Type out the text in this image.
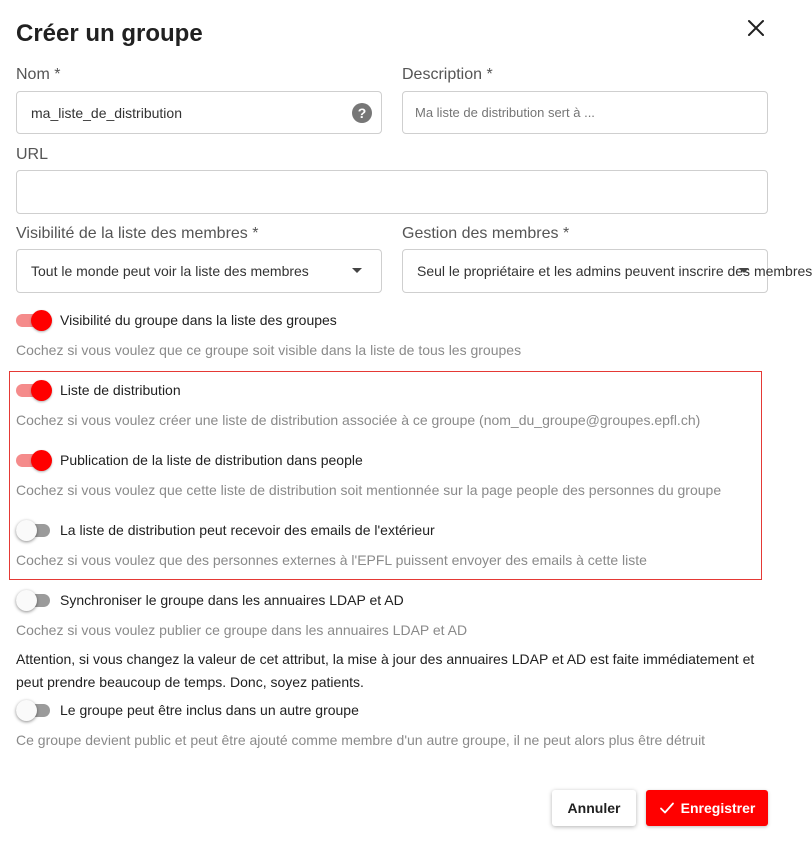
Créer un groupe
Nom *
ma_liste_de_distribution
?
Description *
Ma liste de distribution sert à ...
URL
Visibilité de la liste des membres *
Tout le monde peut voir la liste des membres
Gestion des membres *
Seul le propriétaire et les admins peuvent inscrire des membres
Visibilité du groupe dans la liste des groupes
Cochez si vous voulez que ce groupe soit visible dans la liste de tous les groupes
Liste de distribution
Cochez si vous voulez créer une liste de distribution associée à ce groupe (nom_du_groupe@groupes.epfl.ch)
Publication de la liste de distribution dans people
Cochez si vous voulez que cette liste de distribution soit mentionnée sur la page people des personnes du groupe
La liste de distribution peut recevoir des emails de l'extérieur
Cochez si vous voulez que des personnes externes à l'EPFL puissent envoyer des emails à cette liste
Synchroniser le groupe dans les annuaires LDAP et AD
Cochez si vous voulez publier ce groupe dans les annuaires LDAP et AD
Attention, si vous changez la valeur de cet attribut, la mise à jour des annuaires LDAP et AD est faite immédiatement et peut prendre beaucoup de temps. Donc, soyez patients.
Le groupe peut être inclus dans un autre groupe
Ce groupe devient public et peut être ajouté comme membre d'un autre groupe, il ne peut alors plus être détruit
Annuler	Enregistrer
